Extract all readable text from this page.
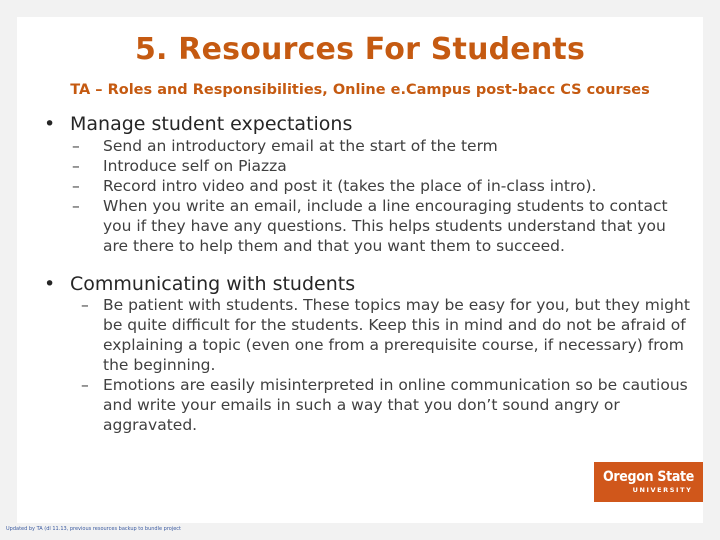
5. Resources For Students
TA – Roles and Responsibilities, Online e.Campus post-bacc CS courses
• Manage student expectations
– Send an introductory email at the start of the term
– Introduce self on Piazza
– Record intro video and post it (takes the place of in-class intro).
– When you write an email, include a line encouraging students to contact you if they have any questions. This helps students understand that you are there to help them and that you want them to succeed.
• Communicating with students
– Be patient with students. These topics may be easy for you, but they might be quite difficult for the students. Keep this in mind and do not be afraid of explaining a topic (even one from a prerequisite course, if necessary) from the beginning.
– Emotions are easily misinterpreted in online communication so be cautious and write your emails in such a way that you don’t sound angry or aggravated.
Oregon State
UNIVERSITY
Updated by TA (dl 11.13, previous resources backup to bundle project
